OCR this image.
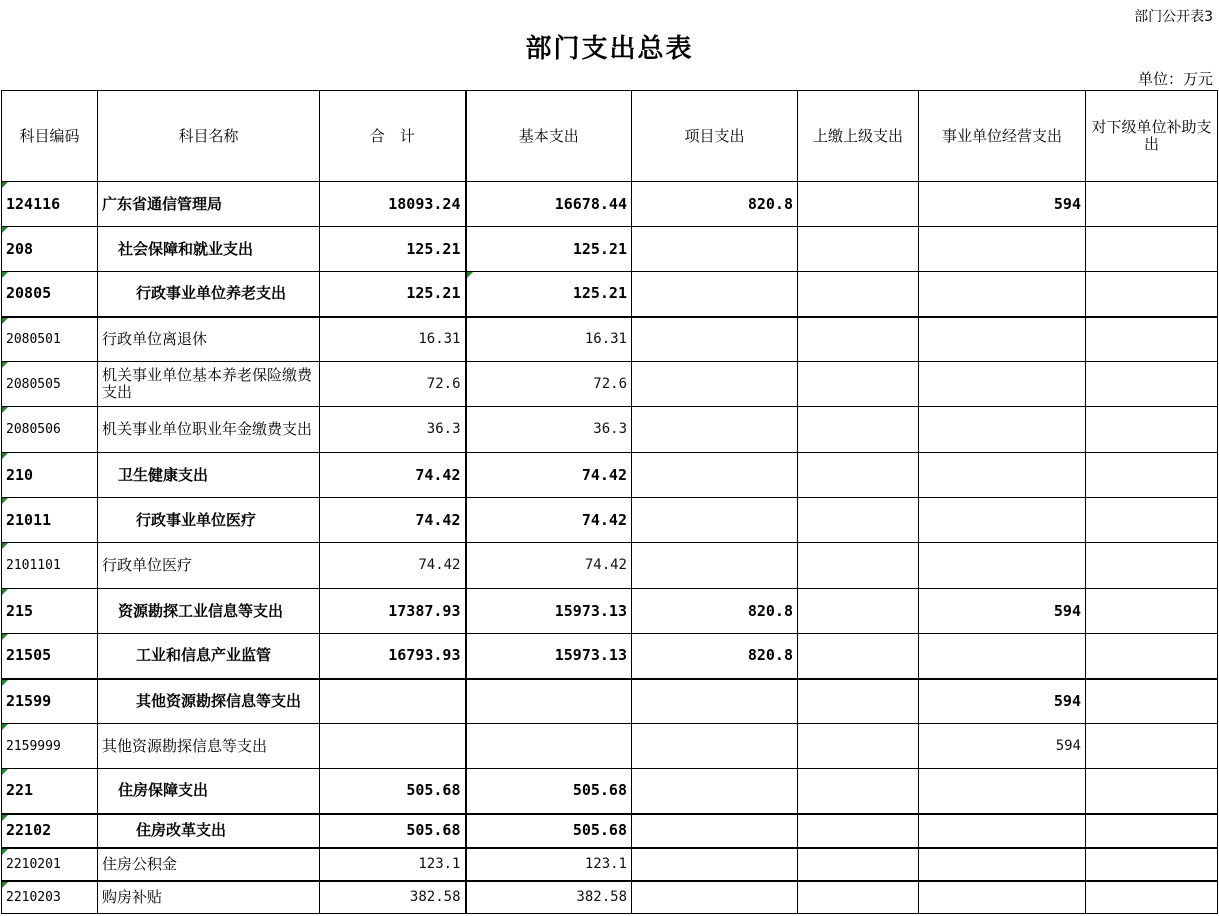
部门公开表3
部门支出总表
单位：万元
科目编码	科目名称	合　计	基本支出	项目支出	上缴上级支出	事业单位经营支出	对下级单位补助支出
124116	广东省通信管理局	18093.24	16678.44	820.8		594	
208	社会保障和就业支出	125.21	125.21				
20805	行政事业单位养老支出	125.21	125.21				
2080501	行政单位离退休	16.31	16.31				
2080505	机关事业单位基本养老保险缴费支出	72.6	72.6				
2080506	机关事业单位职业年金缴费支出	36.3	36.3				
210	卫生健康支出	74.42	74.42				
21011	行政事业单位医疗	74.42	74.42				
2101101	行政单位医疗	74.42	74.42				
215	资源勘探工业信息等支出	17387.93	15973.13	820.8		594	
21505	工业和信息产业监管	16793.93	15973.13	820.8			
21599	其他资源勘探信息等支出					594	
2159999	其他资源勘探信息等支出					594	
221	住房保障支出	505.68	505.68				
22102	住房改革支出	505.68	505.68				
2210201	住房公积金	123.1	123.1				
2210203	购房补贴	382.58	382.58				
